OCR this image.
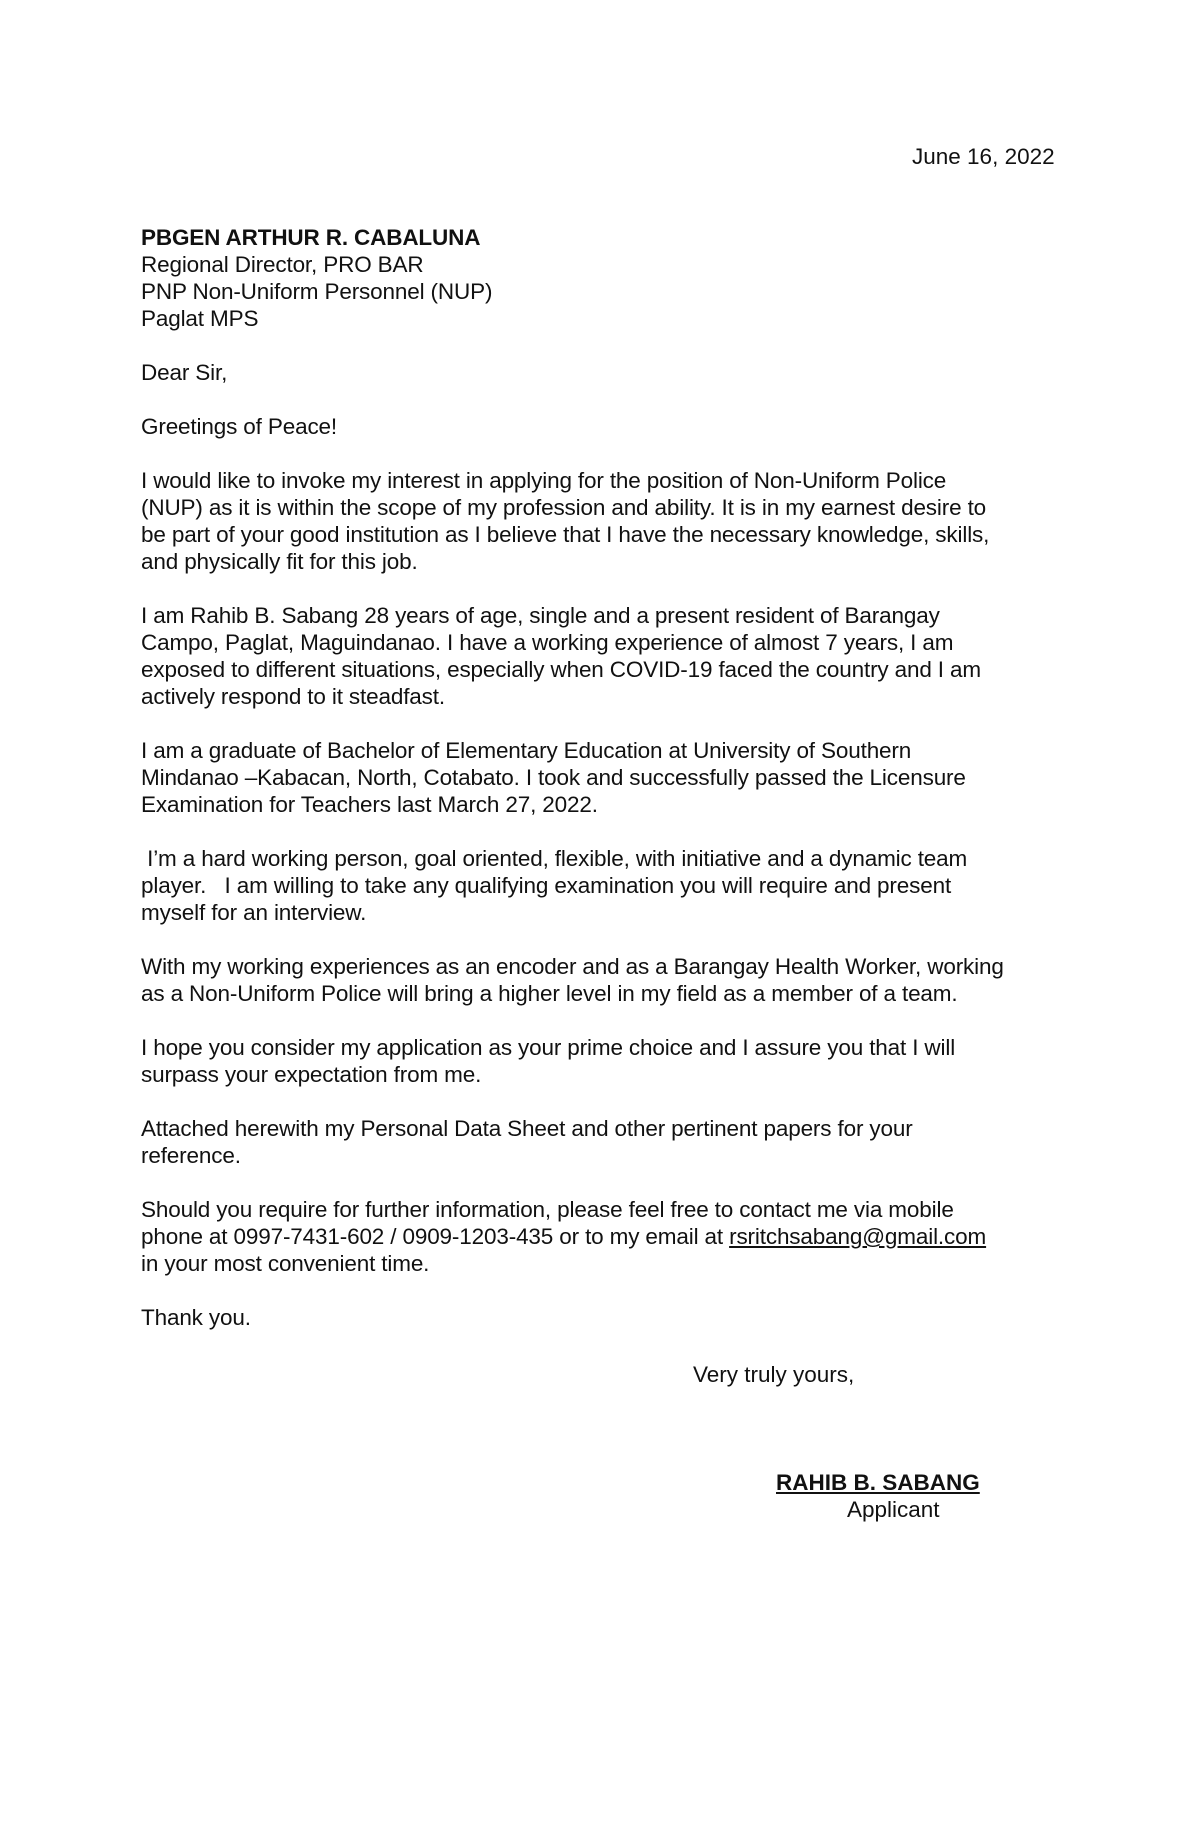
June 16, 2022
PBGEN ARTHUR R. CABALUNA
Regional Director, PRO BAR
PNP Non-Uniform Personnel (NUP)
Paglat MPS
Dear Sir,
Greetings of Peace!
I would like to invoke my interest in applying for the position of Non-Uniform Police
(NUP) as it is within the scope of my profession and ability. It is in my earnest desire to
be part of your good institution as I believe that I have the necessary knowledge, skills,
and physically fit for this job.
I am Rahib B. Sabang 28 years of age, single and a present resident of Barangay
Campo, Paglat, Maguindanao. I have a working experience of almost 7 years, I am
exposed to different situations, especially when COVID-19 faced the country and I am
actively respond to it steadfast.
I am a graduate of Bachelor of Elementary Education at University of Southern
Mindanao –Kabacan, North, Cotabato. I took and successfully passed the Licensure
Examination for Teachers last March 27, 2022.
I’m a hard working person, goal oriented, flexible, with initiative and a dynamic team
player.   I am willing to take any qualifying examination you will require and present
myself for an interview.
With my working experiences as an encoder and as a Barangay Health Worker, working
as a Non-Uniform Police will bring a higher level in my field as a member of a team.
I hope you consider my application as your prime choice and I assure you that I will
surpass your expectation from me.
Attached herewith my Personal Data Sheet and other pertinent papers for your
reference.
Should you require for further information, please feel free to contact me via mobile
phone at 0997-7431-602 / 0909-1203-435 or to my email at rsritchsabang@gmail.com
in your most convenient time.
Thank you.
Very truly yours,
RAHIB B. SABANG
Applicant
